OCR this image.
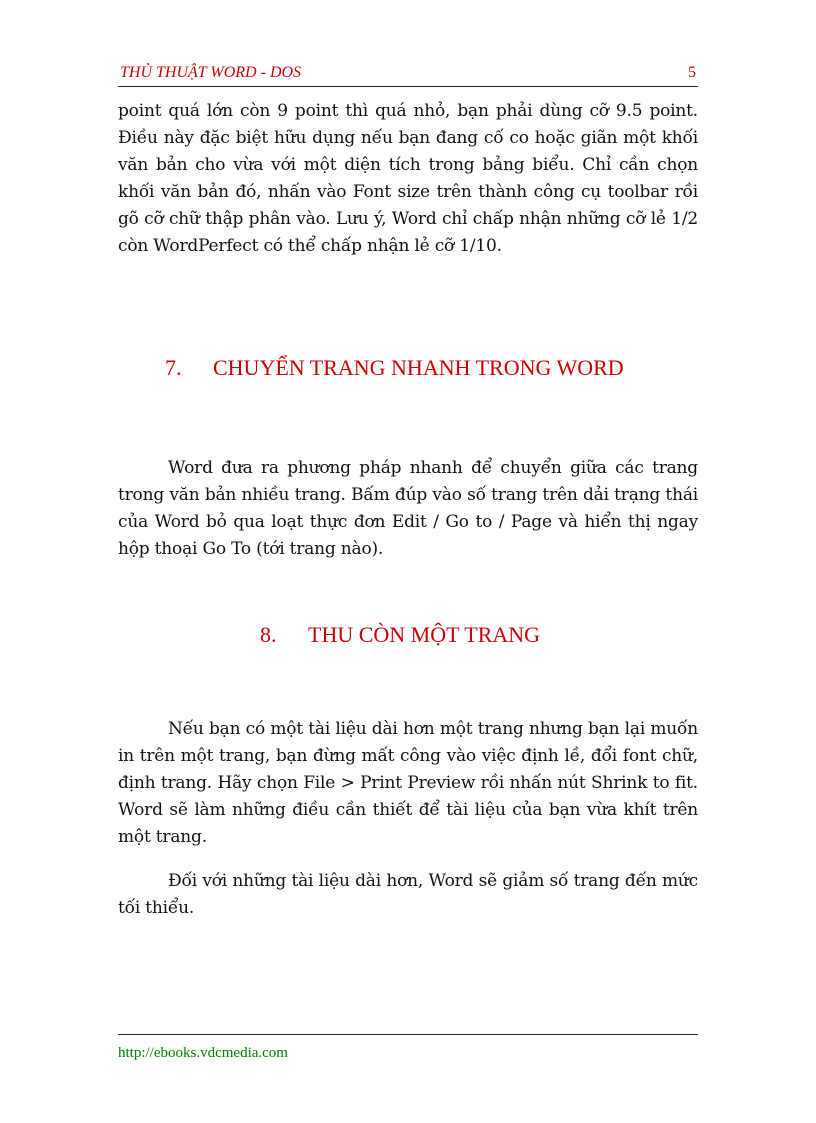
THỦ THUẬT WORD - DOS	5

point quá lớn còn 9 point thì quá nhỏ, bạn phải dùng cỡ 9.5 point. Điều này đặc biệt hữu dụng nếu bạn đang cố co hoặc giãn một khối văn bản cho vừa với một diện tích trong bảng biểu. Chỉ cần chọn khối văn bản đó, nhấn vào Font size trên thành công cụ toolbar rồi gõ cỡ chữ thập phân vào. Lưu ý, Word chỉ chấp nhận những cỡ lẻ 1/2 còn WordPerfect có thể chấp nhận lẻ cỡ 1/10.

7. CHUYỂN TRANG NHANH TRONG WORD

Word đưa ra phương pháp nhanh để chuyển giữa các trang trong văn bản nhiều trang. Bấm đúp vào số trang trên dải trạng thái của Word bỏ qua loạt thực đơn Edit / Go to / Page và hiển thị ngay hộp thoại Go To (tới trang nào).

8. THU CÒN MỘT TRANG

Nếu bạn có một tài liệu dài hơn một trang nhưng bạn lại muốn in trên một trang, bạn đừng mất công vào việc định lề, đổi font chữ, định trang. Hãy chọn File > Print Preview rồi nhấn nút Shrink to fit. Word sẽ làm những điều cần thiết để tài liệu của bạn vừa khít trên một trang.

Đối với những tài liệu dài hơn, Word sẽ giảm số trang đến mức tối thiểu.

http://ebooks.vdcmedia.com
